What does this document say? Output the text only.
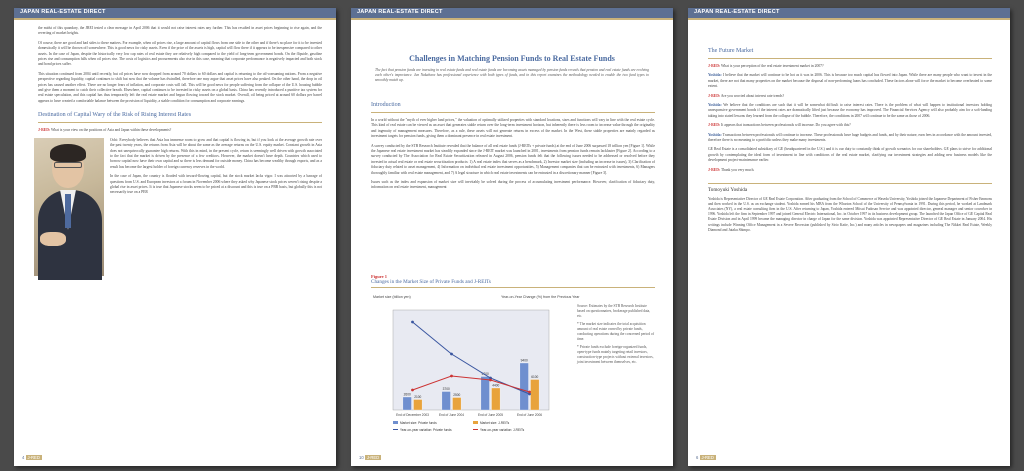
JAPAN REAL-ESTATE DIRECT

the midst of this quandary, the JREI tested a clear message in April 2006 that it would not raise interest rates any further. This has resulted in asset prices beginning to rise again, and the reverting of market heights.

Of course, there are good and bad sides to these matters. For example, when oil prices rise, a large amount of capital flows from one side to the other and if there's no place for it to be invested domestically it will be thrown off somewhere. This is good news for risky assets. Even if the price of the assets is high, capital will flow there if it appears to be inexpensive compared to other assets. In the case of Japan, despite the historically very low cap rates of real estate they are relatively high compared to the yield of long-term government bonds. On the flipside, gasoline prices rise and consumption falls when oil prices rise. The costs of logistics and procurements also rise in this case, meaning that corporate performance is negatively impacted and both stock and bond prices suffer.

This situation continued from 2004 until recently, but oil prices have now dropped from around 70 dollars to 60 dollars and capital is returning to the oil-consuming nations. From a negative perspective regarding liquidity, capital continues to shift but now that the volume has dwindled, therefore one may argue that asset prices have also peaked. On the other hand, the drop in oil prices has caused another effect. There are no longer fears of inflation, and corporate costs will fall. This will be good news for people suffering from the collapse of the U.S. housing bubble and give them a moment to catch their collective breath. Elsewhere, capital continues to be invested in risky assets on a global basis. China has recently introduced a punitive tax system for real estate speculation, and this capital has thus temporarily left the real estate market and begun flowing toward the stock market. Overall, oil being priced at around 60 dollars per barrel appears to have created a comfortable balance between the provision of liquidity, a stable condition for consumption and corporate earnings.

Destination of Capital Wary of the Risk of Rising Interest Rates

J-RED: What is your view on the positions of Asia and Japan within these developments?

Ochi: Everybody believes that Asia has immense room to grow and that capital is flowing in, but if you look at the average growth rate over the past twenty years, the returns from Asia will be about the same as the average returns on the U.S. equity market. Constant growth in Asia does not unequivocally guarantee high returns. With this in mind, in the present cycle, return is seemingly well driven with growth associated to the fact that the market is driven by the presence of a few creditors. However, the market doesn't have depth. Countries which used to borrow capital now have their own capital and so there is less demand for outside money. China has become wealthy through exports, and as a result has become the largest holder of foreign currency reserves in the world.

In the case of Japan, the country is flooded with inward-flowing capital, but the stock market lacks vigor. I was attracted by a barrage of questions from U.S. and European investors at a forum in November 2006 where they asked why Japanese stock prices weren't rising despite a global rise in asset prices. It is true that Japanese stocks seem to be priced at a discount and this is true on a PBR basis, but globally this is not necessarily true on a PER

4 J-RED
JAPAN REAL-ESTATE DIRECT
Challenges in Matching Pension Funds to Real Estate Funds
The fact that pension funds are investing in real estate funds and real estate funds are becoming assets managed by pension funds reveals that pension and real estate funds are evolving each other's importance. Jun Nakahara has professional experience with both types of funds, and in this report examines the methodology needed to enable the two fund types to smoothly match up.
Introduction

In a world without the "myth of ever higher land prices," the valuation of optimally utilized properties with standard locations, sizes and functions will vary in line with the real estate cycle. This kind of real estate can be viewed as an asset that generates stable return over the long-term investment horizon, but inherently there is less room to increase value through the originality and ingenuity of management measures. Therefore, as a rule, these assets will not generate returns in excess of the market. In the West, these stable properties are mainly regarded as investment targets for pension funds, giving them a dominant presence in real estate investment.

A survey conducted by the STB Research Institute revealed that the balance of all real estate funds (J-REITs + private funds) at the end of June 2006 surpassed 18 trillion yen [Figure 1]. While the Japanese real estate investment market has steadily expanded since the J-REIT market was launched in 2001, investments from pension funds remain lackluster [Figure 2]. According to a survey conducted by The Association for Real Estate Securitization released in August 2006, pension funds felt that the following issues needed to be addressed or resolved before they invested in actual real estate or real estate securitization products: 1) A real estate index that serves as a benchmark, 2) Investor market size (including an increase in issues), 3) Clarification of fiduciary duty related to asset management, 4) Information on individual real estate investment opportunities, 5) Management companies that can be entrusted with investments, 6) Managers thoroughly familiar with real estate management, and 7) A legal structure in which real estate investments can be entrusted in a discretionary manner [Figure 3].

Issues such as the index and expansion of market size will inevitably be solved during the process of accumulating investment performance. However, clarification of fiduciary duty, information on real estate investment, management

Figure 1
Changes in the Market Size of Private Funds and J-REITs
Market size (billion yen)	Year-on-Year Change (%) from the Previous Year
2600
2100
End of December 2003
3700
2500
End of June 2004
6700
4400
End of June 2005
9400
6100
End of June 2006
Market size: Private funds	Market size: J-REITs
Year-on-year variation: Private funds	Year-on-year variation: J-REITs

Source: Estimates by the STB Research Institute based on questionnaires, brokerage published data, etc.

* The market size indicates the total acquisition amount of real estate owned by private funds, conducting operations during the concerned period of time.

* Private funds exclude foreign-organized funds, open-type funds mainly targeting retail investors, construction-type projects without external investors, joint investment between themselves, etc.

10 J-RED
JAPAN REAL-ESTATE DIRECT
The Future Market

J-RED: What is your perception of the real estate investment market in 2007?

Yoshida: I believe that the market will continue to be hot as it was in 2006. This is because too much capital has flowed into Japan. While there are many people who want to invest in the market, there are not that many properties on the market because the disposal of non-performing loans has concluded. These factors alone will force the market to become overheated to some extent.

J-RED: Are you worried about interest rate trends?

Yoshida: We believe that the conditions are such that it will be somewhat difficult to raise interest rates. There is the problem of what will happen to institutional investors holding unresponsive government bonds if the interest rates are dramatically lifted just because the economy has improved. The Financial Services Agency will also probably aim for a soft-landing taking into stated lessons they learned from the collapse of the bubble. Therefore, the conditions in 2007 will continue to be the same as those of 2006.

J-RED: It appears that transactions between professionals will increase. Do you agree with this?

Yoshida: Transactions between professionals will continue to increase. These professionals have huge budgets and funds, and by their nature, earn fees in accordance with the amount invested, therefore there is no meaning to a portfolio unless they make many investments.

GE Real Estate is a consolidated subsidiary of GE (headquartered in the U.S.) and it is our duty to constantly think of growth scenarios for our shareholders. GE plans to strive for additional growth by contemplating the ideal form of investment in line with conditions of the real estate market, clarifying our investment strategies and adding new business models like the development project-maintenance earlier.

J-RED: Thank you very much.

Tomoyuki Yoshida
Yoshida is Representative Director of GE Real Estate Corporation. After graduating from the School of Commerce at Waseda University, Yoshida joined the Japanese Department of Fisher Emmons and then worked in the U.S. as an exchange student. Yoshida earned his MBA from the Wharton School of the University of Pennsylvania in 1991. During this period, he worked at Landmark Associates (NY), a real estate consulting firm in the U.S. After returning to Japan, Yoshida entered Mitsui Fudosan Service and was appointed director, general manager and senior coworker in 1996. Yoshida left the firm in September 1997 and joined General Electric International, Inc. in October 1997 in its business development group. The launched the Japan Office of GE Capital Real Estate Division and in April 1999 became the managing director in charge of Japan for the same division. Yoshida was appointed Representative Director of GE Real Estate in January 2004. His writings include Winning Office Management in a Severe Recession (published by Sirio Katie, Inc.) and many articles in newspapers and magazines including The Nikkei Real Estate, Weekly Diamond and Jutaku Shimpo.
6 J-RED
